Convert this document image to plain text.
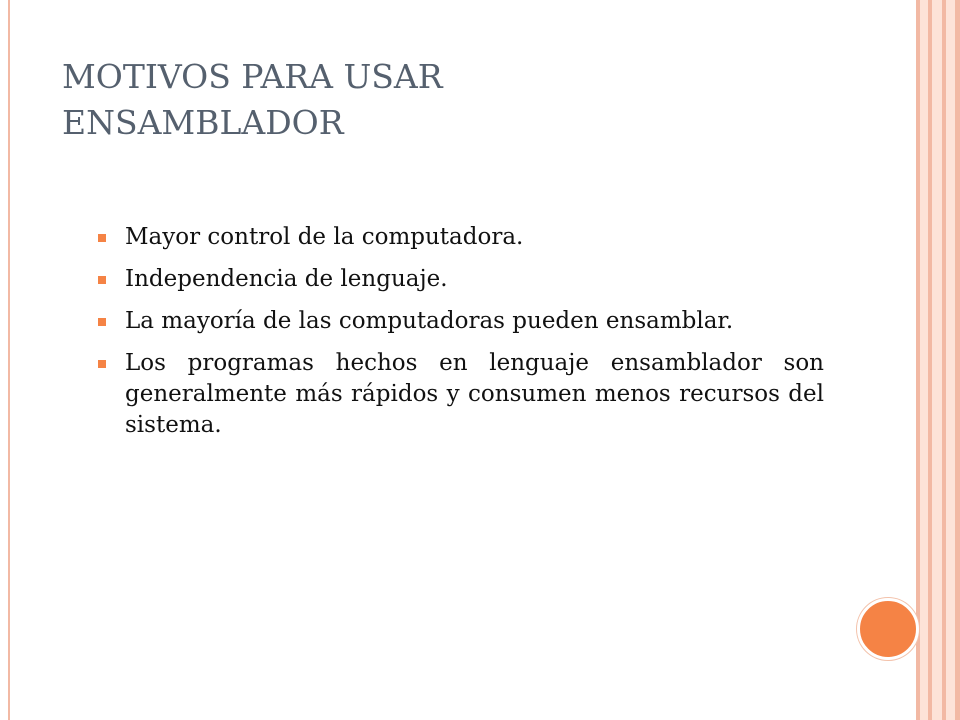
MOTIVOS PARA USAR
ENSAMBLADOR
Mayor control de la computadora.
Independencia de lenguaje.
La mayoría de las computadoras pueden ensamblar.
Los programas hechos en lenguaje ensamblador son generalmente más rápidos y consumen menos recursos del sistema.
